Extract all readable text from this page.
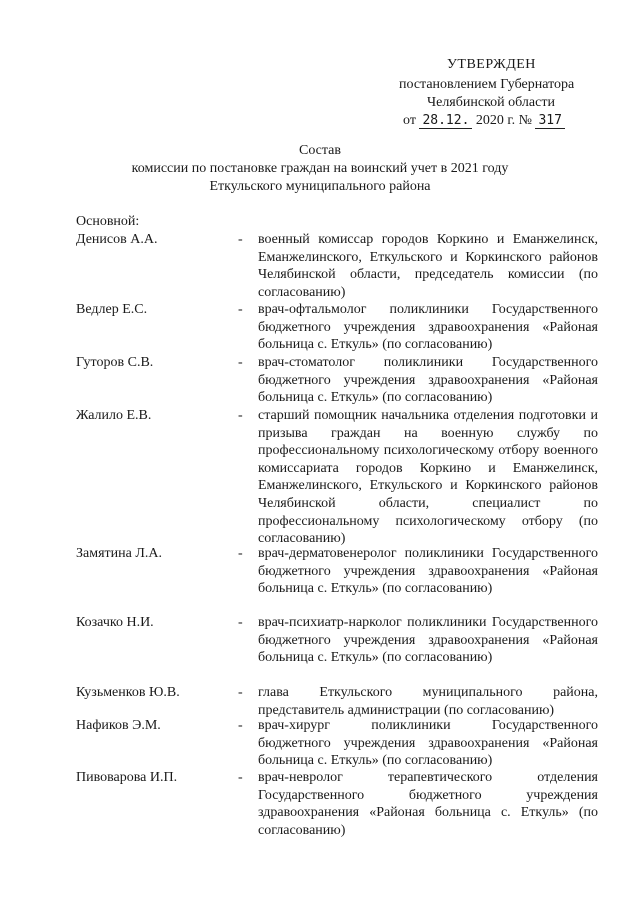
УТВЕРЖДЕН
постановлением Губернатора
Челябинской области
от 28.12. 2020 г. № 317
Состав
комиссии по постановке граждан на воинский учет в 2021 году
Еткульского муниципального района
Основной:
Денисов А.А.	- военный комиссар городов Коркино и Еманжелинск, Еманжелинского, Еткульского и Коркинского районов Челябинской области, председатель комиссии (по согласованию)
Ведлер Е.С.	- врач-офтальмолог поликлиники Государственного бюджетного учреждения здравоохранения «Районая больница с. Еткуль» (по согласованию)
Гуторов С.В.	- врач-стоматолог поликлиники Государственного бюджетного учреждения здравоохранения «Районая больница с. Еткуль» (по согласованию)
Жалило Е.В.	- старший помощник начальника отделения подготовки и призыва граждан на военную службу по профессиональному психологическому отбору военного комиссариата городов Коркино и Еманжелинск, Еманжелинского, Еткульского и Коркинского районов Челябинской области, специалист по профессиональному психологическому отбору (по согласованию)
Замятина Л.А.	- врач-дерматовенеролог поликлиники Государственного бюджетного учреждения здравоохранения «Районая больница с. Еткуль» (по согласованию)
Козачко Н.И.	- врач-психиатр-нарколог поликлиники Государственного бюджетного учреждения здравоохранения «Районая больница с. Еткуль» (по согласованию)
Кузьменков Ю.В.	- глава Еткульского муниципального района, представитель администрации (по согласованию)
Нафиков Э.М.	- врач-хирург поликлиники Государственного бюджетного учреждения здравоохранения «Районая больница с. Еткуль» (по согласованию)
Пивоварова И.П.	- врач-невролог терапевтического отделения Государственного бюджетного учреждения здравоохранения «Районая больница с. Еткуль» (по согласованию)
